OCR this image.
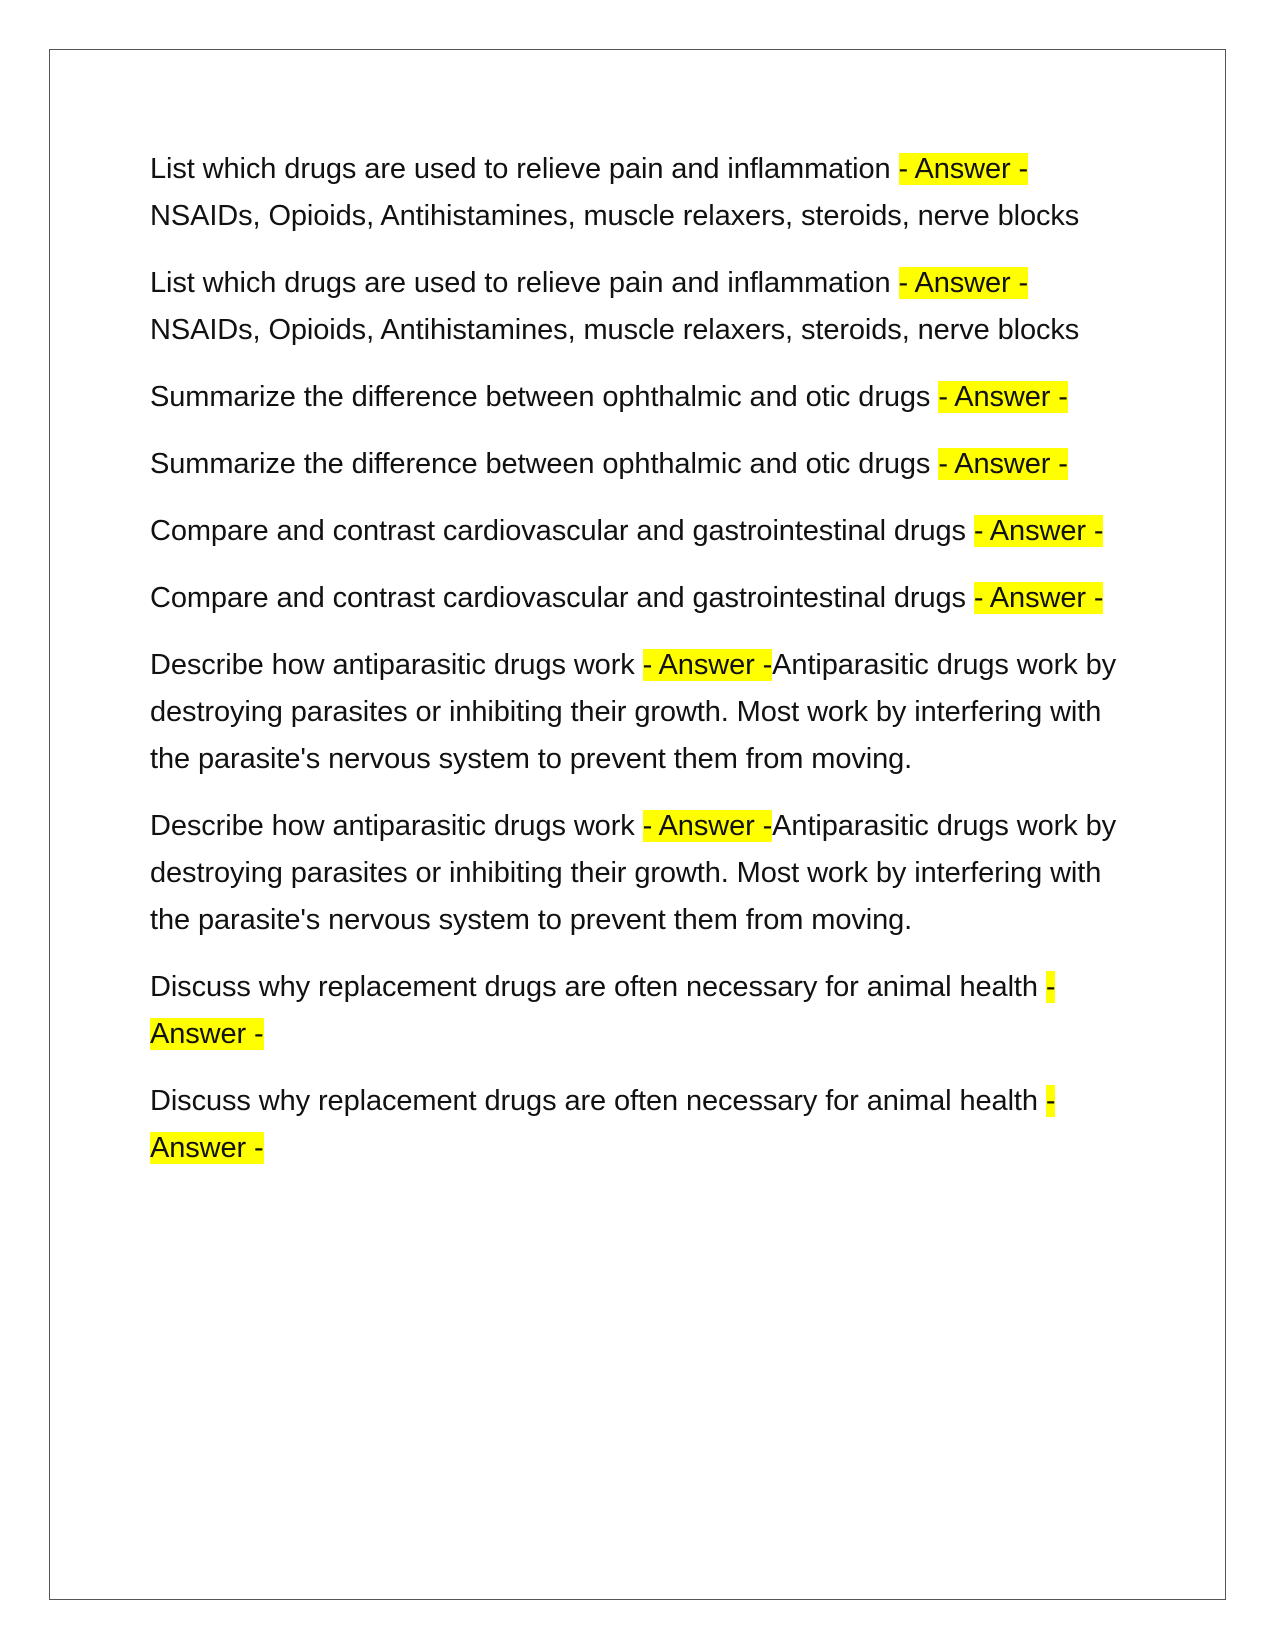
List which drugs are used to relieve pain and inflammation - Answer - NSAIDs, Opioids, Antihistamines, muscle relaxers, steroids, nerve blocks

List which drugs are used to relieve pain and inflammation - Answer - NSAIDs, Opioids, Antihistamines, muscle relaxers, steroids, nerve blocks

Summarize the difference between ophthalmic and otic drugs - Answer -

Summarize the difference between ophthalmic and otic drugs - Answer -

Compare and contrast cardiovascular and gastrointestinal drugs - Answer -

Compare and contrast cardiovascular and gastrointestinal drugs - Answer -

Describe how antiparasitic drugs work - Answer -Antiparasitic drugs work by destroying parasites or inhibiting their growth. Most work by interfering with the parasite's nervous system to prevent them from moving.

Describe how antiparasitic drugs work - Answer -Antiparasitic drugs work by destroying parasites or inhibiting their growth. Most work by interfering with the parasite's nervous system to prevent them from moving.

Discuss why replacement drugs are often necessary for animal health - Answer -

Discuss why replacement drugs are often necessary for animal health - Answer -
